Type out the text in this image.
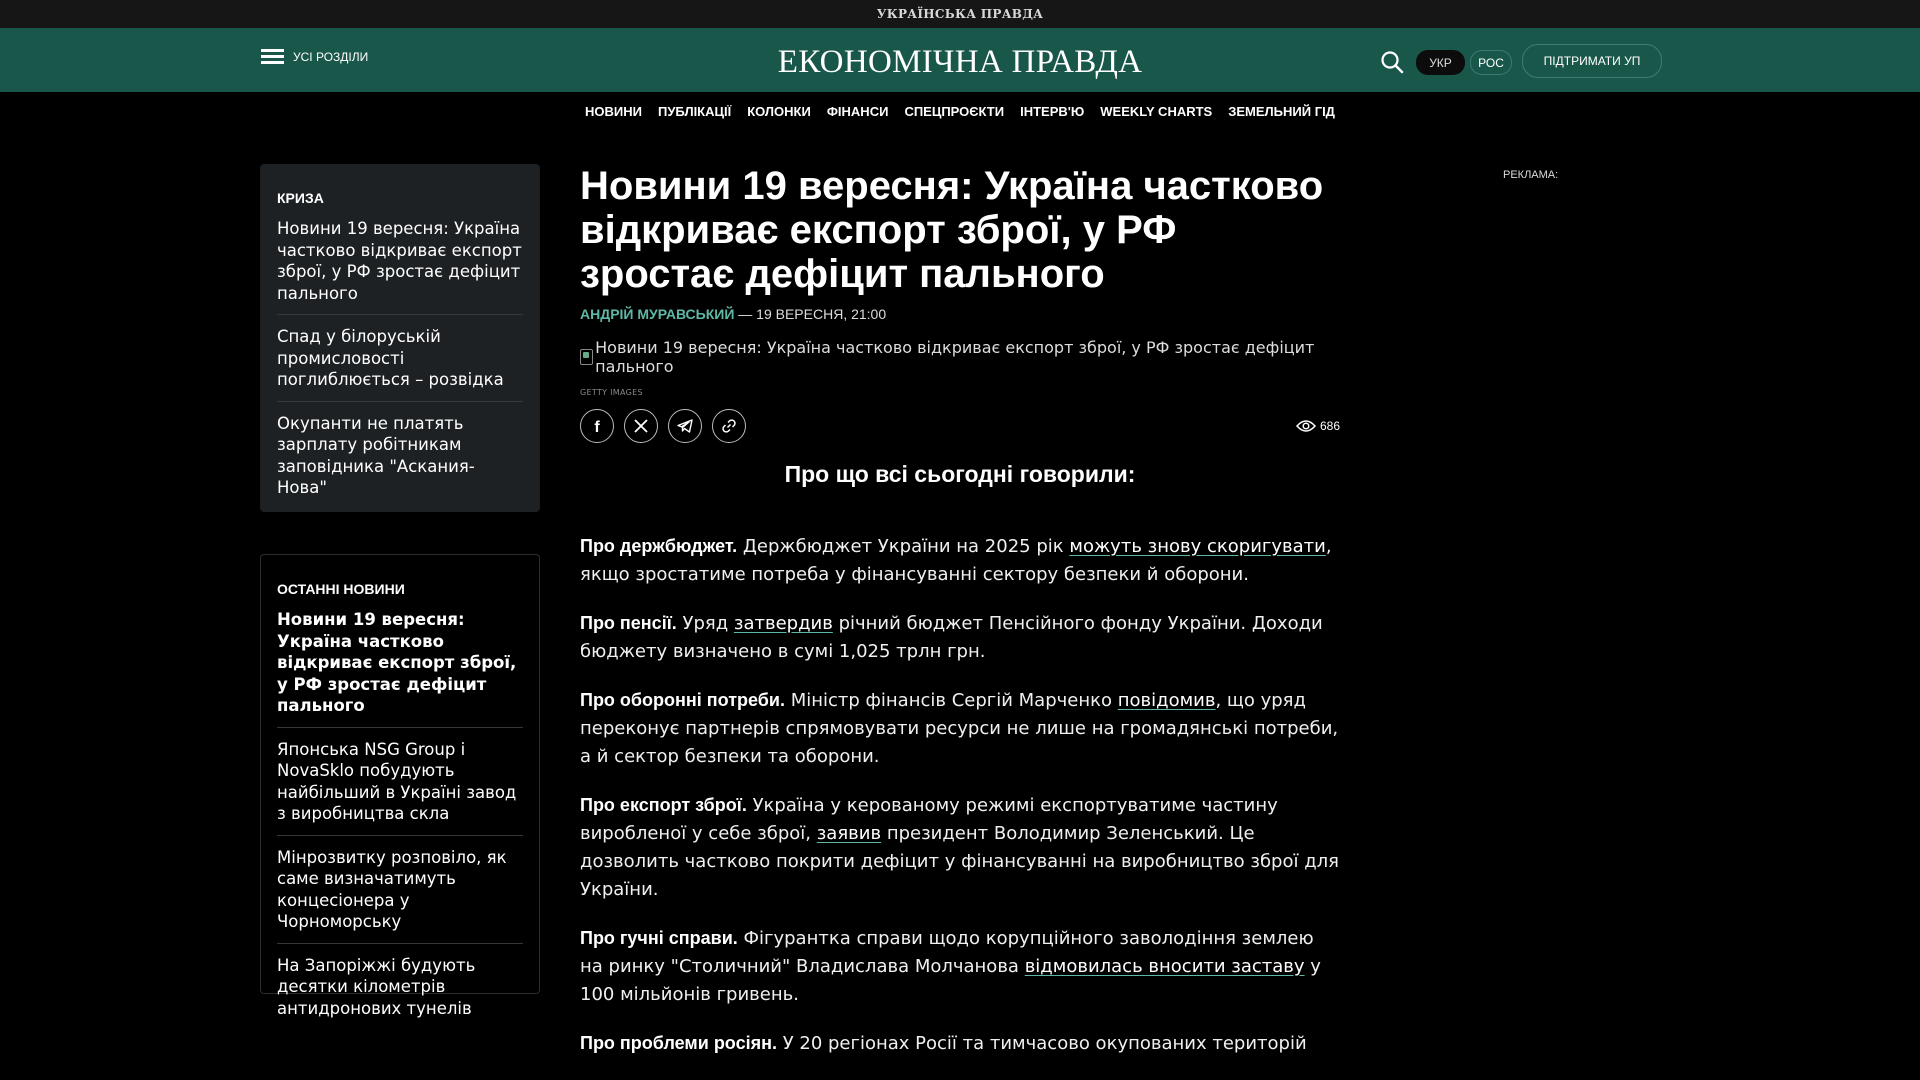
УКРАЇНСЬКА ПРАВДА
УСІ РОЗДІЛИ	ЕКОНОМІЧНА ПРАВДА	УКР	РОС	ПІДТРИМАТИ УП
НОВИНИ ПУБЛІКАЦІЇ КОЛОНКИ ФІНАНСИ СПЕЦПРОЄКТИ ІНТЕРВ'Ю WEEKLY CHARTS ЗЕМЕЛЬНИЙ ГІД
КРИЗА
Новини 19 вересня: Україна частково відкриває експорт зброї, у РФ зростає дефіцит пального
Спад у білоруській промисловості поглиблюється – розвідка
Окупанти не платять зарплату робітникам заповідника "Аскания-Нова"
ОСТАННІ НОВИНИ
Новини 19 вересня: Україна частково відкриває експорт зброї, у РФ зростає дефіцит пального
Японська NSG Group і NovaSklo побудують найбільший в Україні завод з виробництва скла
Мінрозвитку розповіло, як саме визначатимуть концесіонера у Чорноморську
На Запоріжжі будують десятки кілометрів антидронових тунелів
Новини 19 вересня: Україна частково відкриває експорт зброї, у РФ зростає дефіцит пального
АНДРІЙ МУРАВСЬКИЙ — 19 ВЕРЕСНЯ, 21:00
Новини 19 вересня: Україна частково відкриває експорт зброї, у РФ зростає дефіцит пального
GETTY IMAGES
f	686
Про що всі сьогодні говорили:

Про держбюджет. Держбюджет України на 2025 рік можуть знову скоригувати, якщо зростатиме потреба у фінансуванні сектору безпеки й оборони.

Про пенсії. Уряд затвердив річний бюджет Пенсійного фонду України. Доходи бюджету визначено в сумі 1,025 трлн грн.

Про оборонні потреби. Міністр фінансів Сергій Марченко повідомив, що уряд переконує партнерів спрямовувати ресурси не лише на громадянські потреби, а й сектор безпеки та оборони.

Про експорт зброї. Україна у керованому режимі експортуватиме частину виробленої у себе зброї, заявив президент Володимир Зеленський. Це дозволить частково покрити дефіцит у фінансуванні на виробництво зброї для України.

Про гучні справи. Фігурантка справи щодо корупційного заволодіння землею на ринку "Столичний" Владислава Молчанова відмовилась вносити заставу у 100 мільйонів гривень.

Про проблеми росіян. У 20 регіонах Росії та тимчасово окупованих територій

РЕКЛАМА:
